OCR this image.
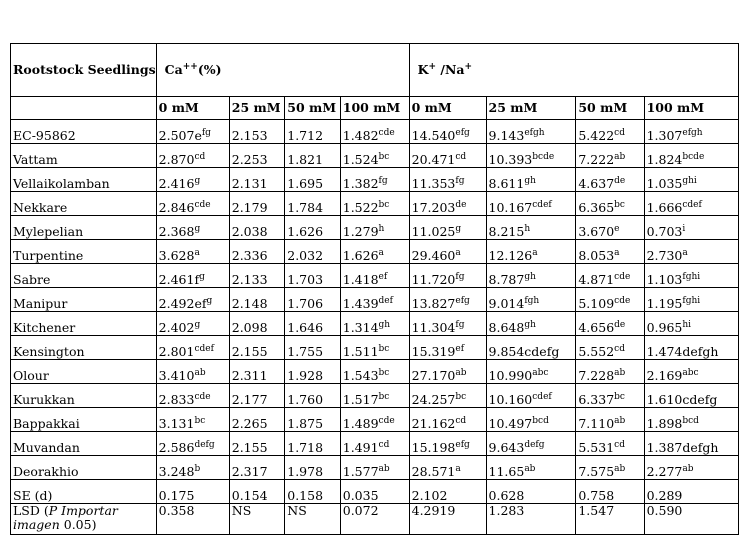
Rootstock Seedlings	Ca++(%)				K+ /Na+
	0 mM	25 mM	50 mM	100 mM	0 mM	25 mM	50 mM	100 mM
EC-95862	$2.507e^{fg}$	2.153	1.712	1.482$^{cde}$	14.540$^{efg}$	$9.143^{efgh}$	5.422$^{cd}$	$1.307^{efgh}$
Vattam	2.870$^{cd}$	2.253	1.821	1.524$^{bc}$	20.471$^{cd}$	$10.393^{bcde}$	7.222$^{ab}$	$1.824^{bcde}$
Vellaikolamban	2.416$^g$	2.131	1.695	1.382$^{fg}$	11.353$^{fg}$	8.611$^{gh}$	4.637de	$1.035^{ghi}$
Nekkare	2.846$^{cde}$	2.179	1.784	1.522$^{bc}$	17.203de	$10.167^{cdef}$	6.365$^{bc}$	$1.666^{cdef}$
Mylepelian	2.368$^g$	2.038	1.626	1.279$^h$	11.025$^g$	8.215$^h$	3.670e	0.703$^i$
Turpentine	3.628$^a$	2.336	2.032	1.626$^a$	29.460$^a$	12.126$^a$	8.053$^a$	2.730$^a$
Sabre	$2.461f^g$	2.133	1.703	1.418$^{ef}$	11.720$^{fg}$	8.787$^{gh}$	4.871$^{cde}$	$1.103^{fghi}$
Manipur	$2.492ef^g$	2.148	1.706	1.439$^{def}$	13.827$^{efg}$	9.014$^{fgh}$	5.109$^{cde}$	$1.195^{fghi}$
Kitchener	2.402$^g$	2.098	1.646	1.314$^{gh}$	11.304$^{fg}$	8.648$^{gh}$	4.656de	$0.965^{hi}$
Kensington	$2.801^{cdef}$	2.155	1.755	1.511$^{bc}$	15.319$^{ef}$	9.854cdefg	5.552$^{cd}$	1.474defgh
Olour	3.410$^{ab}$	2.311	1.928	1.543$^{bc}$	27.170$^{ab}$	10.990$^{abc}$	7.228$^{ab}$	2.169$^{abc}$
Kurukkan	2.833$^{cde}$	2.177	1.760	1.517$^{bc}$	24.257$^{bc}$	$10.160^{cdef}$	6.337$^{bc}$	1.610cdefg
Bappakkai	3.131$^{bc}$	2.265	1.875	1.489$^{cde}$	21.162$^{cd}$	10.497$^{bcd}$	7.110$^{ab}$	1.898$^{bcd}$
Muvandan	$2.586^{defg}$	2.155	1.718	1.491$^{cd}$	15.198$^{efg}$	$9.643^{defg}$	5.531$^{cd}$	1.387defgh
Deorakhio	3.248$^b$	2.317	1.978	1.577$^{ab}$	28.571$^a$	11.65$^{ab}$	7.575$^{ab}$	2.277$^{ab}$
SE (d)	0.175	0.154	0.158	0.035	2.102	0.628	0.758	0.289
LSD (P Importar imagen 0.05)	0.358	NS	NS	0.072	4.2919	1.283	1.547	0.590
